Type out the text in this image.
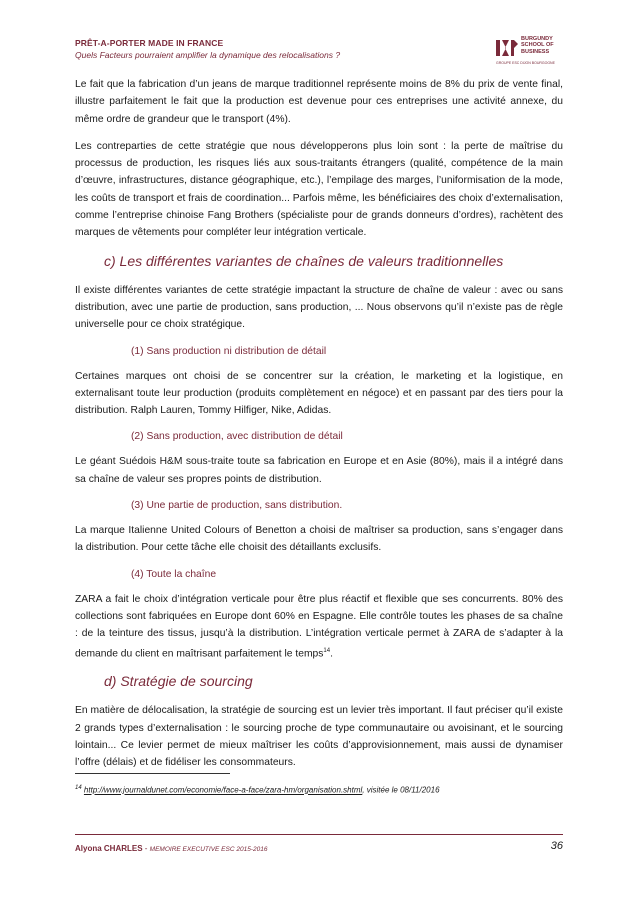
PRÊT-A-PORTER MADE IN FRANCE
Quels Facteurs pourraient amplifier la dynamique des relocalisations ?
BURGUNDY
SCHOOL OF
BUSINESS
GROUPE ESC DIJON BOURGOGNE

Le fait que la fabrication d’un jeans de marque traditionnel représente moins de 8% du prix de vente final, illustre parfaitement le fait que la production est devenue pour ces entreprises une activité annexe, du même ordre de grandeur que le transport (4%).

Les contreparties de cette stratégie que nous développerons plus loin sont : la perte de maîtrise du processus de production, les risques liés aux sous-traitants étrangers (qualité, compétence de la main d’œuvre, infrastructures, distance géographique, etc.), l’empilage des marges, l’uniformisation de la mode, les coûts de transport et frais de coordination... Parfois même, les bénéficiaires des choix d’externalisation, comme l’entreprise chinoise Fang Brothers (spécialiste pour de grands donneurs d’ordres), rachètent des marques de vêtements pour compléter leur intégration verticale.

c) Les différentes variantes de chaînes de valeurs traditionnelles

Il existe différentes variantes de cette stratégie impactant la structure de chaîne de valeur : avec ou sans distribution, avec une partie de production, sans production, ... Nous observons qu’il n’existe pas de règle universelle pour ce choix stratégique.

(1) Sans production ni distribution de détail

Certaines marques ont choisi de se concentrer sur la création, le marketing et la logistique, en externalisant toute leur production (produits complètement en négoce) et en passant par des tiers pour la distribution. Ralph Lauren, Tommy Hilfiger, Nike, Adidas.

(2) Sans production, avec distribution de détail

Le géant Suédois H&M sous-traite toute sa fabrication en Europe et en Asie (80%), mais il a intégré dans sa chaîne de valeur ses propres points de distribution.

(3) Une partie de production, sans distribution.

La marque Italienne United Colours of Benetton a choisi de maîtriser sa production, sans s’engager dans la distribution. Pour cette tâche elle choisit des détaillants exclusifs.

(4) Toute la chaîne

ZARA a fait le choix d’intégration verticale pour être plus réactif et flexible que ses concurrents. 80% des collections sont fabriquées en Europe dont 60% en Espagne. Elle contrôle toutes les phases de sa chaîne : de la teinture des tissus, jusqu’à la distribution. L’intégration verticale permet à ZARA de s’adapter à la demande du client en maîtrisant parfaitement le temps$^{14}$.

d) Stratégie de sourcing

En matière de délocalisation, la stratégie de sourcing est un levier très important. Il faut préciser qu’il existe 2 grands types d’externalisation : le sourcing proche de type communautaire ou avoisinant, et le sourcing lointain... Ce levier permet de mieux maîtriser les coûts d’approvisionnement, mais aussi de dynamiser l’offre (délais) et de fidéliser les consommateurs.

$^{14}$ http://www.journaldunet.com/economie/face-a-face/zara-hm/organisation.shtml, visitée le 08/11/2016
Alyona CHARLES - MEMOIRE EXECUTIVE ESC 2015-2016	36
